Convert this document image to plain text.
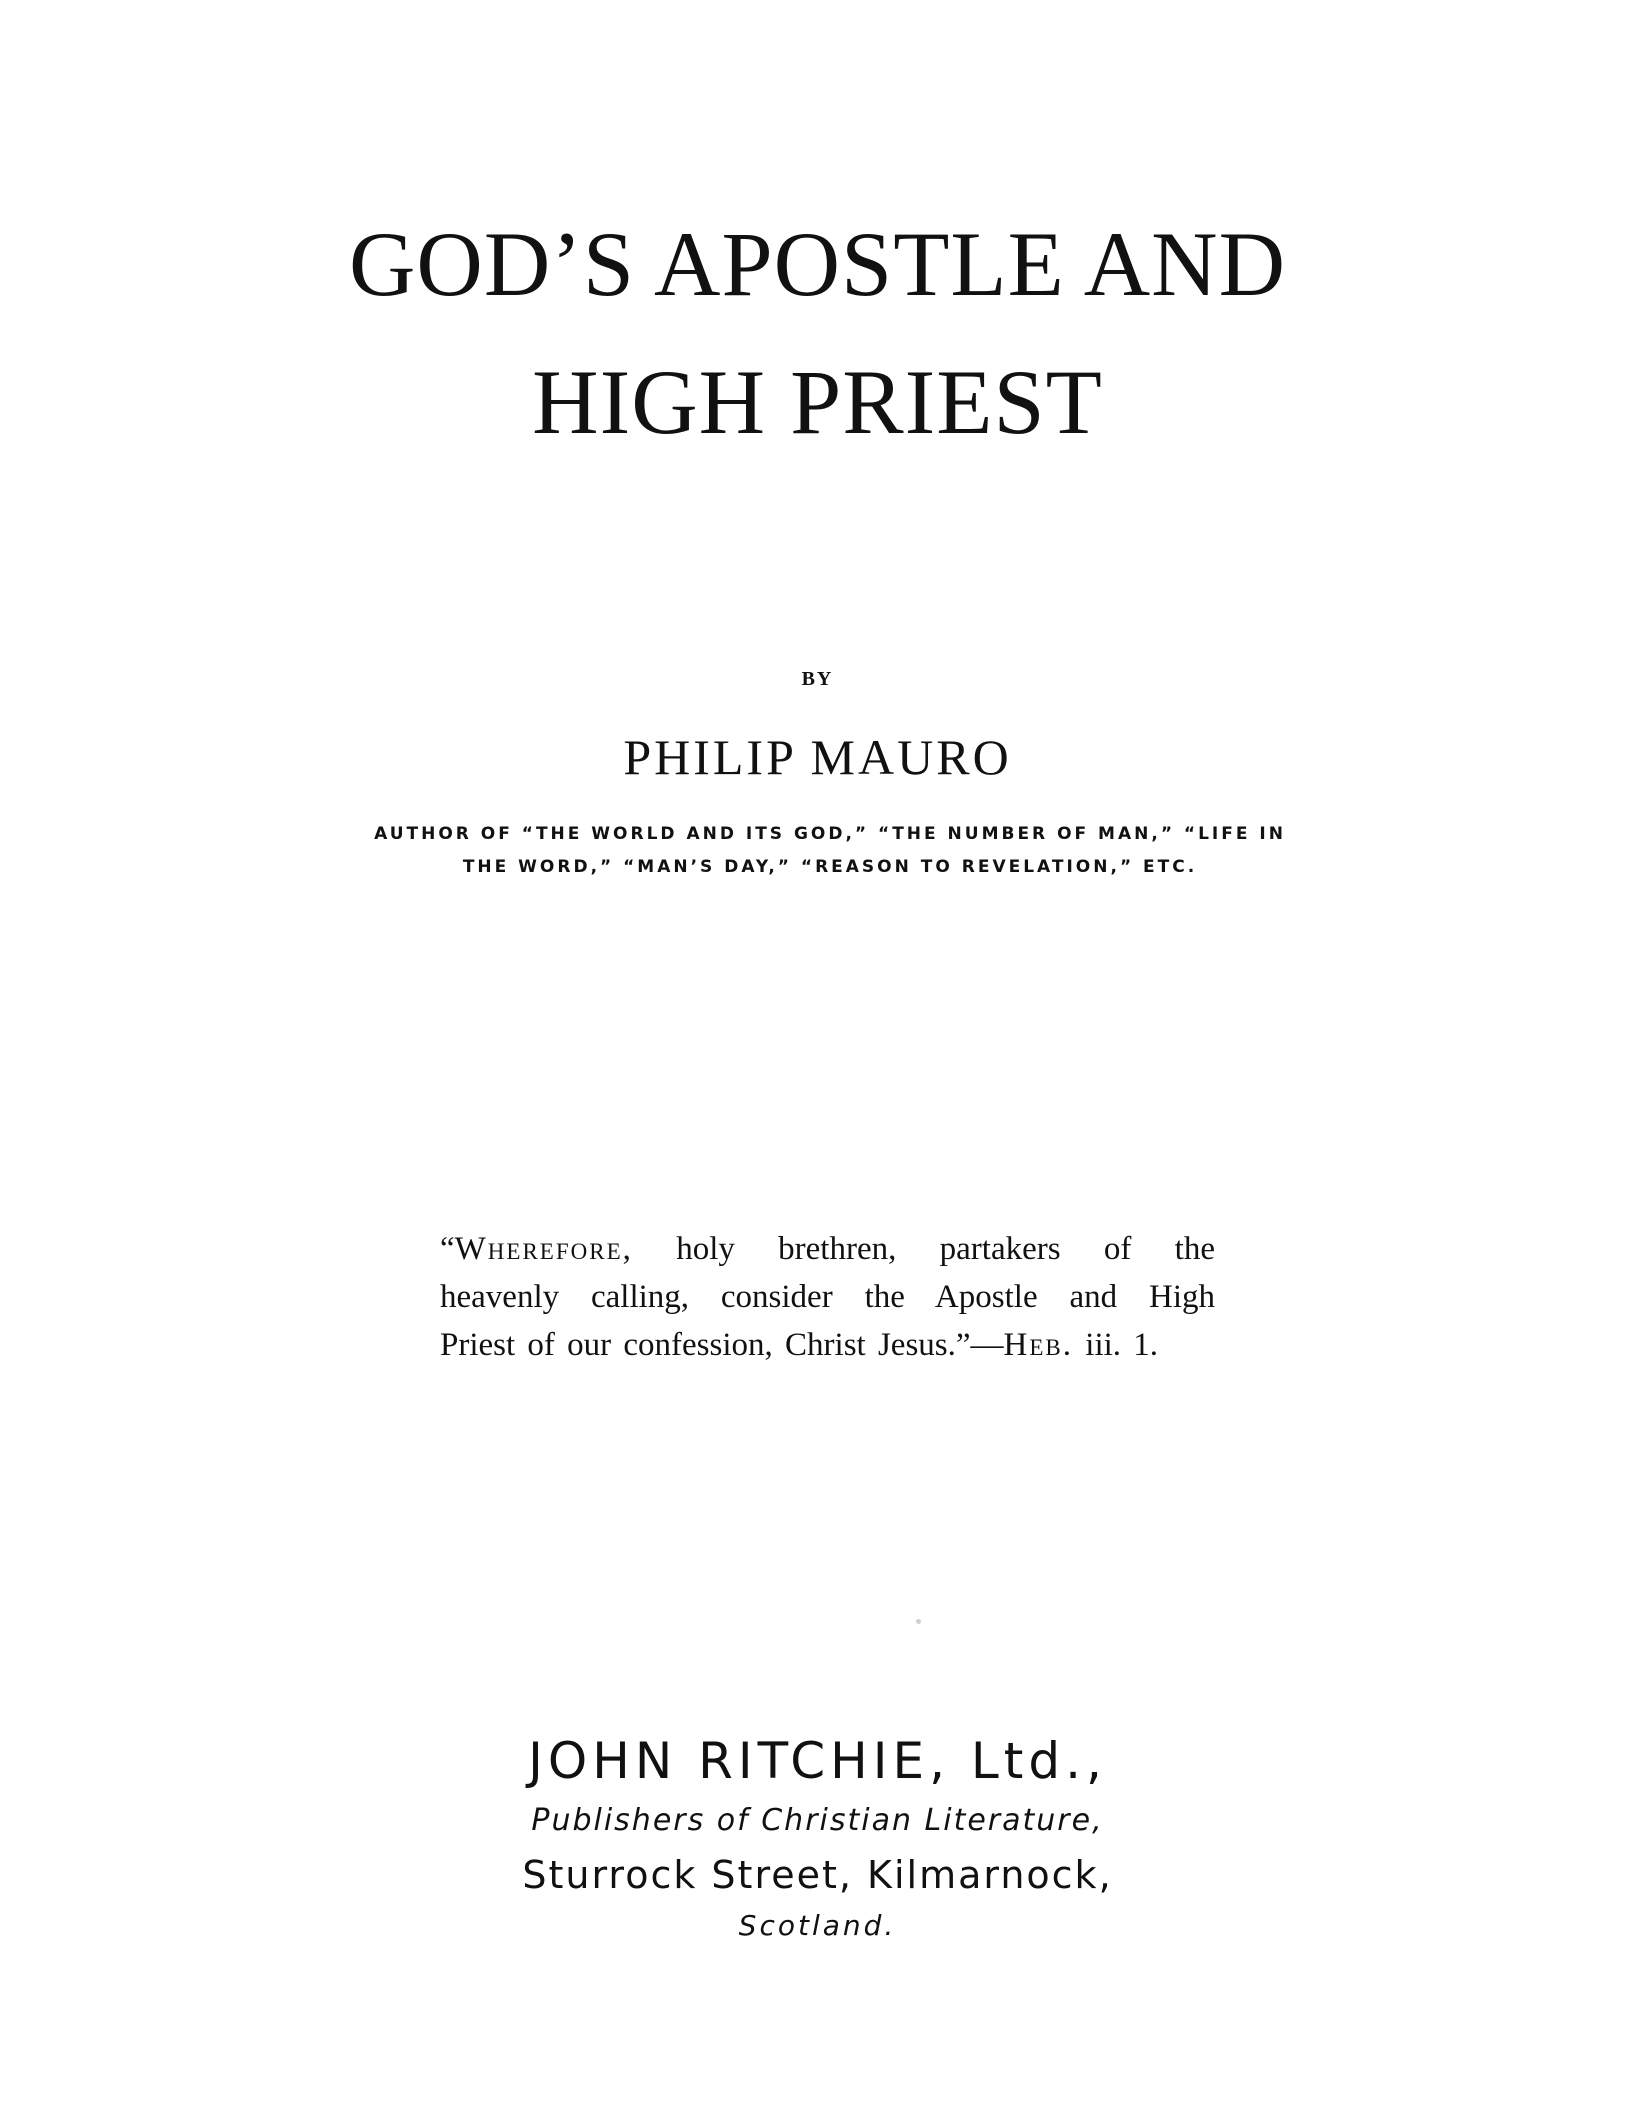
GOD’S APOSTLE AND
HIGH PRIEST
BY
PHILIP MAURO
AUTHOR OF “THE WORLD AND ITS GOD,” “THE NUMBER OF MAN,” “LIFE IN
THE WORD,” “MAN’S DAY,” “REASON TO REVELATION,” ETC.
“Wherefore, holy brethren, partakers of the
heavenly calling, consider the Apostle and High
Priest of our confession, Christ Jesus.”—Heb. iii. 1.
JOHN RITCHIE, Ltd.,
Publishers of Christian Literature,
Sturrock Street, Kilmarnock,
Scotland.
